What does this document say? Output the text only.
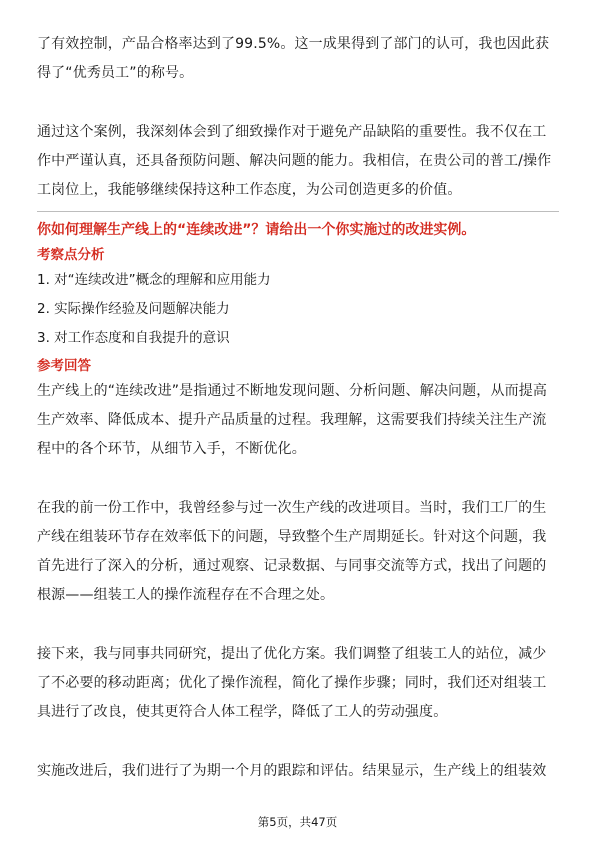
了有效控制，产品合格率达到了99.5%。这一成果得到了部门的认可，我也因此获得了“优秀员工”的称号。

通过这个案例，我深刻体会到了细致操作对于避免产品缺陷的重要性。我不仅在工作中严谨认真，还具备预防问题、解决问题的能力。我相信，在贵公司的普工/操作工岗位上，我能够继续保持这种工作态度，为公司创造更多的价值。

你如何理解生产线上的“连续改进”？请给出一个你实施过的改进实例。

考察点分析

1. 对“连续改进”概念的理解和应用能力

2. 实际操作经验及问题解决能力

3. 对工作态度和自我提升的意识

参考回答

生产线上的“连续改进”是指通过不断地发现问题、分析问题、解决问题，从而提高生产效率、降低成本、提升产品质量的过程。我理解，这需要我们持续关注生产流程中的各个环节，从细节入手，不断优化。

在我的前一份工作中，我曾经参与过一次生产线的改进项目。当时，我们工厂的生产线在组装环节存在效率低下的问题，导致整个生产周期延长。针对这个问题，我首先进行了深入的分析，通过观察、记录数据、与同事交流等方式，找出了问题的根源——组装工人的操作流程存在不合理之处。

接下来，我与同事共同研究，提出了优化方案。我们调整了组装工人的站位，减少了不必要的移动距离；优化了操作流程，简化了操作步骤；同时，我们还对组装工具进行了改良，使其更符合人体工程学，降低了工人的劳动强度。

实施改进后，我们进行了为期一个月的跟踪和评估。结果显示，生产线上的组装效

第5页，共47页
